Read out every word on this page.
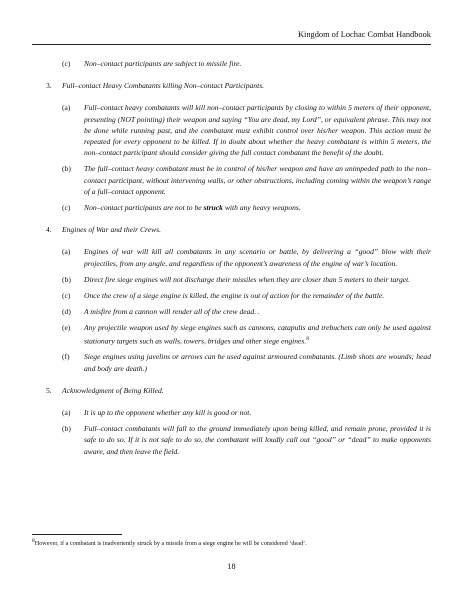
Kingdom of Lochac Combat Handbook
(c) Non–contact participants are subject to missile fire.
3. Full–contact Heavy Combatants killing Non–contact Participants.
(a) Full–contact heavy combatants will kill non–contact participants by closing to within 5 meters of their opponent, presenting (NOT pointing) their weapon and saying “You are dead, my Lord”, or equivalent phrase. This may not be done while running past, and the combatant must exhibit control over his/her weapon. This action must be repeated for every opponent to be killed. If in doubt about whether the heavy combatant is within 5 meters, the non–contact participant should consider giving the full contact combatant the benefit of the doubt.
(b) The full–contact heavy combatant must be in control of his/her weapon and have an unimpeded path to the non–contact participant, without intervening walls, or other obstructions, including coming within the weapon’s range of a full–contact opponent.
(c) Non–contact participants are not to be struck with any heavy weapons.
4. Engines of War and their Crews.
(a) Engines of war will kill all combatants in any scenario or battle, by delivering a “good” blow with their projectiles, from any angle, and regardless of the opponent’s awareness of the engine of war’s location.
(b) Direct fire siege engines will not discharge their missiles when they are closer than 5 meters to their target.
(c) Once the crew of a siege engine is killed, the engine is out of action for the remainder of the battle.
(d) A misfire from a cannon will render all of the crew dead. .
(e) Any projectile weapon used by siege engines such as cannons, catapults and trebuchets can only be used against stationary targets such as walls, towers, bridges and other siege engines.$^8$
(f) Siege engines using javelins or arrows can be used against armoured combatants. (Limb shots are wounds; head and body are death.)
5. Acknowledgment of Being Killed.
(a) It is up to the opponent whether any kill is good or not.
(b) Full–contact combatants will fall to the ground immediately upon being killed, and remain prone, provided it is safe to do so. If it is not safe to do so, the combatant will loudly call out “good” or “dead” to make opponents aware, and then leave the field.
8However, if a combatant is inadvertently struck by a missile from a siege engine he will be considered ‘dead’.
18
